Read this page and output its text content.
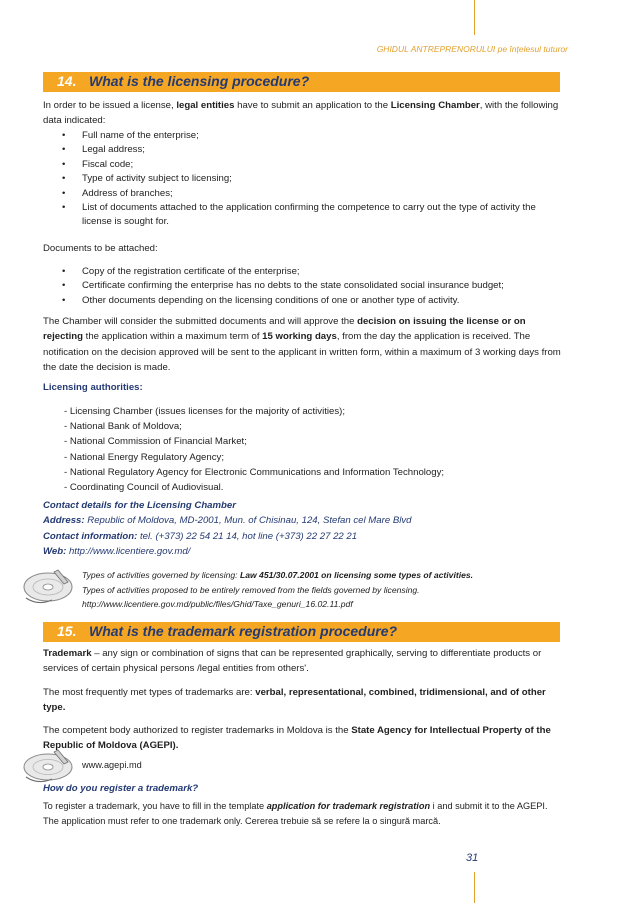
GHIDUL ANTREPRENORULUI pe înțelesul tuturor
14. What is the licensing procedure?
In order to be issued a license, legal entities have to submit an application to the Licensing Chamber, with the following data indicated:
• Full name of the enterprise;
• Legal address;
• Fiscal code;
• Type of activity subject to licensing;
• Address of branches;
• List of documents attached to the application confirming the competence to carry out the type of activity the license is sought for.
Documents to be attached:
• Copy of the registration certificate of the enterprise;
• Certificate confirming the enterprise has no debts to the state consolidated social insurance budget;
• Other documents depending on the licensing conditions of one or another type of activity.
The Chamber will consider the submitted documents and will approve the decision on issuing the license or on rejecting the application within a maximum term of 15 working days, from the day the application is received. The notification on the decision approved will be sent to the applicant in written form, within a maximum of 3 working days from the date the decision is made.
Licensing authorities:
- Licensing Chamber (issues licenses for the majority of activities);
- National Bank of Moldova;
- National Commission of Financial Market;
- National Energy Regulatory Agency;
- National Regulatory Agency for Electronic Communications and Information Technology;
- Coordinating Council of Audiovisual.
Contact details for the Licensing Chamber
Address: Republic of Moldova, MD-2001, Mun. of Chisinau, 124, Stefan cel Mare Blvd
Contact information: tel. (+373) 22 54 21 14, hot line (+373) 22 27 22 21
Web: http://www.licentiere.gov.md/
Types of activities governed by licensing: Law 451/30.07.2001 on licensing some types of activities.
Types of activities proposed to be entirely removed from the fields governed by licensing.
http://www.licentiere.gov.md/public/files/Ghid/Taxe_genuri_16.02.11.pdf
15. What is the trademark registration procedure?
Trademark – any sign or combination of signs that can be represented graphically, serving to differentiate products or services of certain physical persons /legal entities from others'.
The most frequently met types of trademarks are: verbal, representational, combined, tridimensional, and of other type.
The competent body authorized to register trademarks in Moldova is the State Agency for Intellectual Property of the Republic of Moldova (AGEPI).
www.agepi.md
How do you register a trademark?
To register a trademark, you have to fill in the template application for trademark registration i and submit it to the AGEPI. The application must refer to one trademark only. Cererea trebuie să se refere la o singură marcă.
31
